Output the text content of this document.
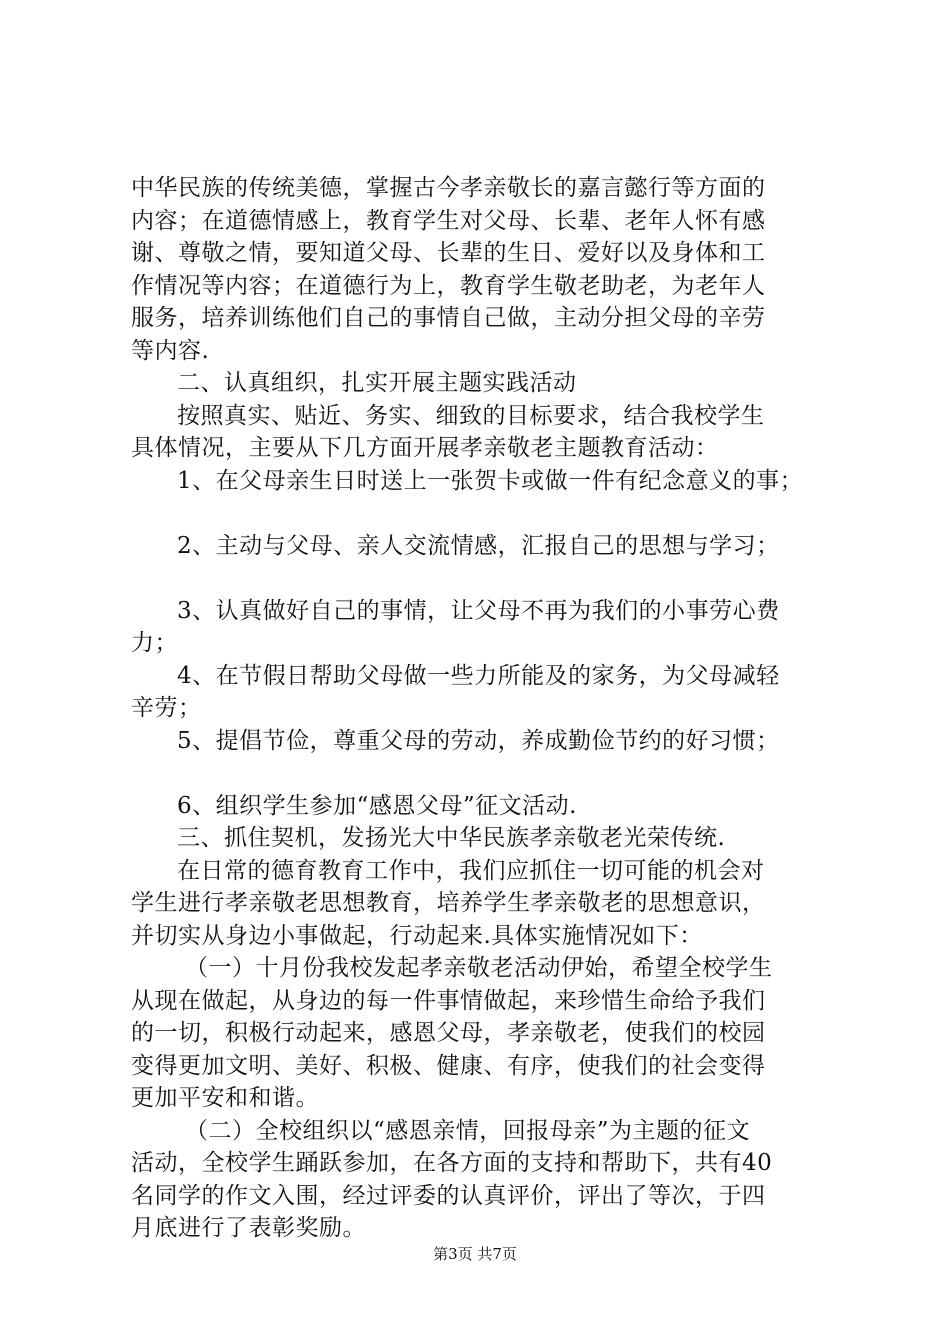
中华民族的传统美德，掌握古今孝亲敬长的嘉言懿行等方面的
内容；在道德情感上，教育学生对父母、长辈、老年人怀有感
谢、尊敬之情，要知道父母、长辈的生日、爱好以及身体和工
作情况等内容；在道德行为上，教育学生敬老助老，为老年人
服务，培养训练他们自己的事情自己做，主动分担父母的辛劳
等内容.
二、认真组织，扎实开展主题实践活动
按照真实、贴近、务实、细致的目标要求，结合我校学生
具体情况，主要从下几方面开展孝亲敬老主题教育活动：
1、在父母亲生日时送上一张贺卡或做一件有纪念意义的事；
2、主动与父母、亲人交流情感，汇报自己的思想与学习；
3、认真做好自己的事情，让父母不再为我们的小事劳心费
力；
4、在节假日帮助父母做一些力所能及的家务，为父母减轻
辛劳；
5、提倡节俭，尊重父母的劳动，养成勤俭节约的好习惯；
6、组织学生参加“感恩父母”征文活动.
三、抓住契机，发扬光大中华民族孝亲敬老光荣传统.
在日常的德育教育工作中，我们应抓住一切可能的机会对
学生进行孝亲敬老思想教育，培养学生孝亲敬老的思想意识，
并切实从身边小事做起，行动起来.具体实施情况如下：
（一）十月份我校发起孝亲敬老活动伊始，希望全校学生
从现在做起，从身边的每一件事情做起，来珍惜生命给予我们
的一切，积极行动起来，感恩父母，孝亲敬老，使我们的校园
变得更加文明、美好、积极、健康、有序，使我们的社会变得
更加平安和和谐。
（二）全校组织以“感恩亲情，回报母亲”为主题的征文
活动，全校学生踊跃参加，在各方面的支持和帮助下，共有40
名同学的作文入围，经过评委的认真评价，评出了等次，于四
月底进行了表彰奖励。
第3页 共7页
